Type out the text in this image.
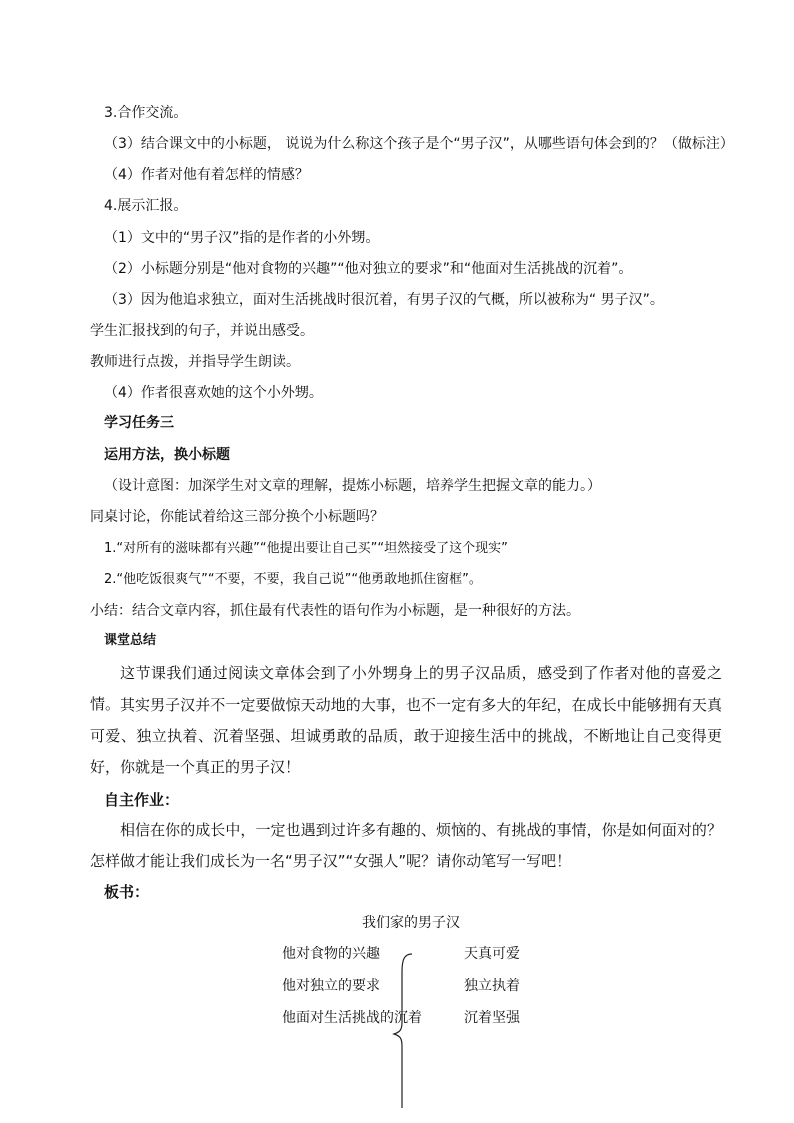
3.合作交流。
（3）结合课文中的小标题， 说说为什么称这个孩子是个“男子汉”，从哪些语句体会到的？（做标注）
（4）作者对他有着怎样的情感？
4.展示汇报。
（1）文中的“男子汉”指的是作者的小外甥。
（2）小标题分别是“他对食物的兴趣”“他对独立的要求”和“他面对生活挑战的沉着”。
（3）因为他追求独立，面对生活挑战时很沉着，有男子汉的气概，所以被称为“ 男子汉”。
学生汇报找到的句子，并说出感受。
教师进行点拨，并指导学生朗读。
（4）作者很喜欢她的这个小外甥。
学习任务三
运用方法，换小标题
（设计意图：加深学生对文章的理解，提炼小标题，培养学生把握文章的能力。）
同桌讨论，你能试着给这三部分换个小标题吗？
1.“对所有的滋味都有兴趣”“他提出要让自己买”“坦然接受了这个现实”
2.“他吃饭很爽气”“不要，不要，我自己说”“他勇敢地抓住窗框”。
小结：结合文章内容，抓住最有代表性的语句作为小标题，是一种很好的方法。
课堂总结
这节课我们通过阅读文章体会到了小外甥身上的男子汉品质，感受到了作者对他的喜爱之情。 其实男子汉并不一定要做惊天动地的大事，也不一定有多大的年纪，在成长中能够拥有天真可爱、独立执着、沉着坚强、坦诚勇敢的品质，敢于迎接生活中的挑战，不断地让自己变得更好，你就是一个真正的男子汉！
自主作业：
相信在你的成长中，一定也遇到过许多有趣的、烦恼的、有挑战的事情，你是如何面对的？怎样做才能让我们成长为一名“男子汉”“女强人”呢？请你动笔写一写吧！
板书：
我们家的男子汉
他对食物的兴趣
他对独立的要求
他面对生活挑战的沉着
天真可爱
独立执着
沉着坚强
